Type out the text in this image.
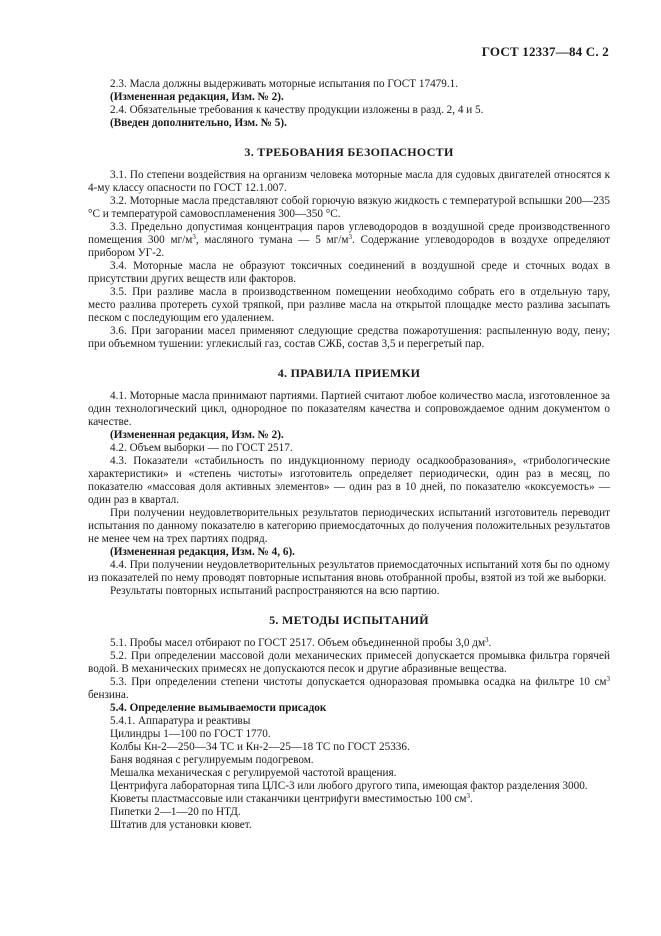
ГОСТ 12337—84 С. 2

2.3. Масла должны выдерживать моторные испытания по ГОСТ 17479.1.

(Измененная редакция, Изм. № 2).

2.4. Обязательные требования к качеству продукции изложены в разд. 2, 4 и 5.

(Введен дополнительно, Изм. № 5).

3. ТРЕБОВАНИЯ БЕЗОПАСНОСТИ

3.1. По степени воздействия на организм человека моторные масла для судовых двигателей относятся к 4-му классу опасности по ГОСТ 12.1.007.

3.2. Моторные масла представляют собой горючую вязкую жидкость с температурой вспышки 200—235 °С и температурой самовоспламенения 300—350 °С.

3.3. Предельно допустимая концентрация паров углеводородов в воздушной среде производственного помещения 300 $мг/м^3$, масляного тумана — 5 $мг/м^3$. Содержание углеводородов в воздухе определяют прибором УГ-2.

3.4. Моторные масла не образуют токсичных соединений в воздушной среде и сточных водах в присутствии других веществ или факторов.

3.5. При разливе масла в производственном помещении необходимо собрать его в отдельную тару, место разлива протереть сухой тряпкой, при разливе масла на открытой площадке место разлива засыпать песком с последующим его удалением.

3.6. При загорании масел применяют следующие средства пожаротушения: распыленную воду, пену; при объемном тушении: углекислый газ, состав СЖБ, состав 3,5 и перегретый пар.

4. ПРАВИЛА ПРИЕМКИ

4.1. Моторные масла принимают партиями. Партией считают любое количество масла, изготовленное за один технологический цикл, однородное по показателям качества и сопровождаемое одним документом о качестве.

(Измененная редакция, Изм. № 2).

4.2. Объем выборки — по ГОСТ 2517.

4.3. Показатели «стабильность по индукционному периоду осадкообразования», «трибологические характеристики» и «степень чистоты» изготовитель определяет периодически, один раз в месяц, по показателю «массовая доля активных элементов» — один раз в 10 дней, по показателю «коксуемость» — один раз в квартал.

При получении неудовлетворительных результатов периодических испытаний изготовитель переводит испытания по данному показателю в категорию приемосдаточных до получения положительных результатов не менее чем на трех партиях подряд.

(Измененная редакция, Изм. № 4, 6).

4.4. При получении неудовлетворительных результатов приемосдаточных испытаний хотя бы по одному из показателей по нему проводят повторные испытания вновь отобранной пробы, взятой из той же выборки.

Результаты повторных испытаний распространяются на всю партию.

5. МЕТОДЫ ИСПЫТАНИЙ

5.1. Пробы масел отбирают по ГОСТ 2517. Объем объединенной пробы 3,0 $дм^3$.

5.2. При определении массовой доли механических примесей допускается промывка фильтра горячей водой. В механических примесях не допускаются песок и другие абразивные вещества.

5.3. При определении степени чистоты допускается одноразовая промывка осадка на фильтре 10 $см^3$ бензина.

5.4. Определение вымываемости присадок

5.4.1. Аппаратура и реактивы

Цилиндры 1—100 по ГОСТ 1770.

Колбы Кн-2—250—34 ТС и Кн-2—25—18 ТС по ГОСТ 25336.

Баня водяная с регулируемым подогревом.

Мешалка механическая с регулируемой частотой вращения.

Центрифуга лабораторная типа ЦЛС-3 или любого другого типа, имеющая фактор разделения 3000.

Кюветы пластмассовые или стаканчики центрифуги вместимостью 100 $см^3$.

Пипетки 2—1—20 по НТД.

Штатив для установки кювет.
